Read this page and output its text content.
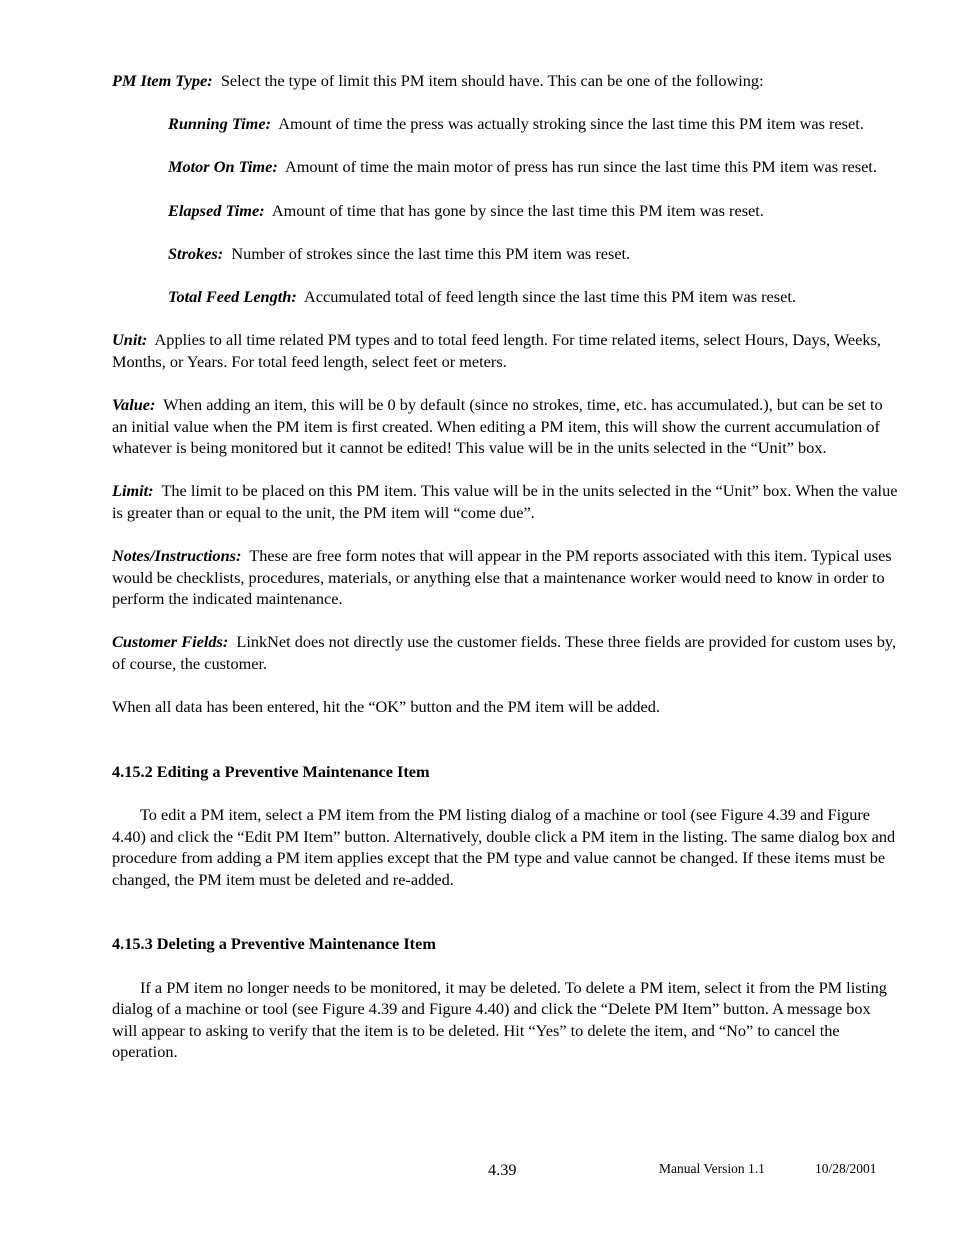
PM Item Type: Select the type of limit this PM item should have. This can be one of the following:

Running Time: Amount of time the press was actually stroking since the last time this PM item was reset.

Motor On Time: Amount of time the main motor of press has run since the last time this PM item was reset.

Elapsed Time: Amount of time that has gone by since the last time this PM item was reset.

Strokes: Number of strokes since the last time this PM item was reset.

Total Feed Length: Accumulated total of feed length since the last time this PM item was reset.

Unit: Applies to all time related PM types and to total feed length. For time related items, select Hours, Days, Weeks, Months, or Years. For total feed length, select feet or meters.

Value: When adding an item, this will be 0 by default (since no strokes, time, etc. has accumulated.), but can be set to an initial value when the PM item is first created. When editing a PM item, this will show the current accumulation of whatever is being monitored but it cannot be edited! This value will be in the units selected in the “Unit” box.

Limit: The limit to be placed on this PM item. This value will be in the units selected in the “Unit” box. When the value is greater than or equal to the unit, the PM item will “come due”.

Notes/Instructions: These are free form notes that will appear in the PM reports associated with this item. Typical uses would be checklists, procedures, materials, or anything else that a maintenance worker would need to know in order to perform the indicated maintenance.

Customer Fields: LinkNet does not directly use the customer fields. These three fields are provided for custom uses by, of course, the customer.

When all data has been entered, hit the “OK” button and the PM item will be added.

4.15.2 Editing a Preventive Maintenance Item

To edit a PM item, select a PM item from the PM listing dialog of a machine or tool (see Figure 4.39 and Figure 4.40) and click the “Edit PM Item” button. Alternatively, double click a PM item in the listing. The same dialog box and procedure from adding a PM item applies except that the PM type and value cannot be changed. If these items must be changed, the PM item must be deleted and re-added.

4.15.3 Deleting a Preventive Maintenance Item

If a PM item no longer needs to be monitored, it may be deleted. To delete a PM item, select it from the PM listing dialog of a machine or tool (see Figure 4.39 and Figure 4.40) and click the “Delete PM Item” button. A message box will appear to asking to verify that the item is to be deleted. Hit “Yes” to delete the item, and “No” to cancel the operation.

4.39	Manual Version 1.1	10/28/2001
